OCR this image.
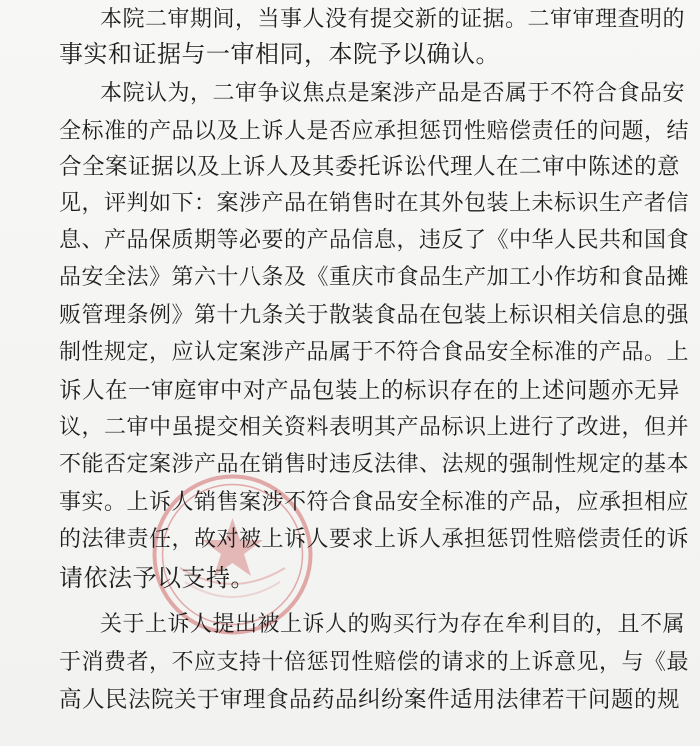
本院二审期间，当事人没有提交新的证据。二审审理查明的
事实和证据与一审相同，本院予以确认。
本院认为，二审争议焦点是案涉产品是否属于不符合食品安
全标准的产品以及上诉人是否应承担惩罚性赔偿责任的问题，结
合全案证据以及上诉人及其委托诉讼代理人在二审中陈述的意
见，评判如下：案涉产品在销售时在其外包装上未标识生产者信
息、产品保质期等必要的产品信息，违反了《中华人民共和国食
品安全法》第六十八条及《重庆市食品生产加工小作坊和食品摊
贩管理条例》第十九条关于散装食品在包装上标识相关信息的强
制性规定，应认定案涉产品属于不符合食品安全标准的产品。上
诉人在一审庭审中对产品包装上的标识存在的上述问题亦无异
议，二审中虽提交相关资料表明其产品标识上进行了改进，但并
不能否定案涉产品在销售时违反法律、法规的强制性规定的基本
事实。上诉人销售案涉不符合食品安全标准的产品，应承担相应
的法律责任，故对被上诉人要求上诉人承担惩罚性赔偿责任的诉
请依法予以支持。
关于上诉人提出被上诉人的购买行为存在牟利目的，且不属
于消费者，不应支持十倍惩罚性赔偿的请求的上诉意见，与《最
高人民法院关于审理食品药品纠纷案件适用法律若干问题的规
